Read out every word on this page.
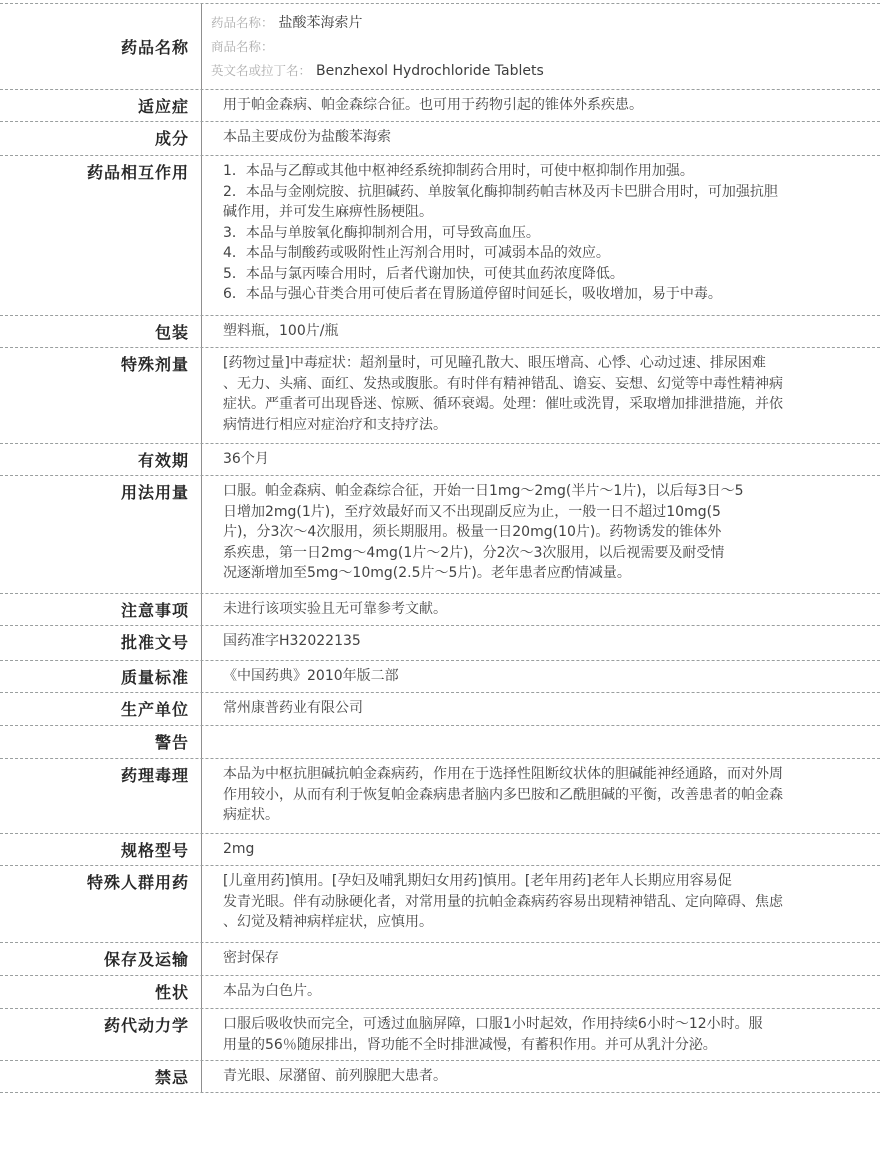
药品名称
药品名称： 盐酸苯海索片
商品名称：
英文名或拉丁名： Benzhexol Hydrochloride Tablets
适应症	用于帕金森病、帕金森综合征。也可用于药物引起的锥体外系疾患。
成分	本品主要成份为盐酸苯海索
药品相互作用	1．本品与乙醇或其他中枢神经系统抑制药合用时，可使中枢抑制作用加强。
2．本品与金刚烷胺、抗胆碱药、单胺氧化酶抑制药帕吉林及丙卡巴肼合用时，可加强抗胆
碱作用，并可发生麻痹性肠梗阻。
3．本品与单胺氧化酶抑制剂合用，可导致高血压。
4．本品与制酸药或吸附性止泻剂合用时，可减弱本品的效应。
5．本品与氯丙嗪合用时，后者代谢加快，可使其血药浓度降低。
6．本品与强心苷类合用可使后者在胃肠道停留时间延长，吸收增加，易于中毒。
包装	塑料瓶，100片/瓶
特殊剂量	[药物过量]中毒症状：超剂量时，可见瞳孔散大、眼压增高、心悸、心动过速、排尿困难
、无力、头痛、面红、发热或腹胀。有时伴有精神错乱、谵妄、妄想、幻觉等中毒性精神病
症状。严重者可出现昏迷、惊厥、循环衰竭。处理：催吐或洗胃，采取增加排泄措施，并依
病情进行相应对症治疗和支持疗法。
有效期	36个月
用法用量	口服。帕金森病、帕金森综合征，开始一日1mg～2mg(半片～1片)，以后每3日～5
日增加2mg(1片)，至疗效最好而又不出现副反应为止，一般一日不超过10mg(5
片)，分3次～4次服用，须长期服用。极量一日20mg(10片)。药物诱发的锥体外
系疾患，第一日2mg～4mg(1片～2片)，分2次～3次服用，以后视需要及耐受情
况逐渐增加至5mg～10mg(2.5片～5片)。老年患者应酌情减量。
注意事项	未进行该项实验且无可靠参考文献。
批准文号	国药准字H32022135
质量标准	《中国药典》2010年版二部
生产单位	常州康普药业有限公司
警告
药理毒理	本品为中枢抗胆碱抗帕金森病药，作用在于选择性阻断纹状体的胆碱能神经通路，而对外周
作用较小，从而有利于恢复帕金森病患者脑内多巴胺和乙酰胆碱的平衡，改善患者的帕金森
病症状。
规格型号	2mg
特殊人群用药	[儿童用药]慎用。[孕妇及哺乳期妇女用药]慎用。[老年用药]老年人长期应用容易促
发青光眼。伴有动脉硬化者，对常用量的抗帕金森病药容易出现精神错乱、定向障碍、焦虑
、幻觉及精神病样症状，应慎用。
保存及运输	密封保存
性状	本品为白色片。
药代动力学	口服后吸收快而完全，可透过血脑屏障，口服1小时起效，作用持续6小时～12小时。服
用量的56％随尿排出，肾功能不全时排泄减慢，有蓄积作用。并可从乳汁分泌。
禁忌	青光眼、尿潴留、前列腺肥大患者。
